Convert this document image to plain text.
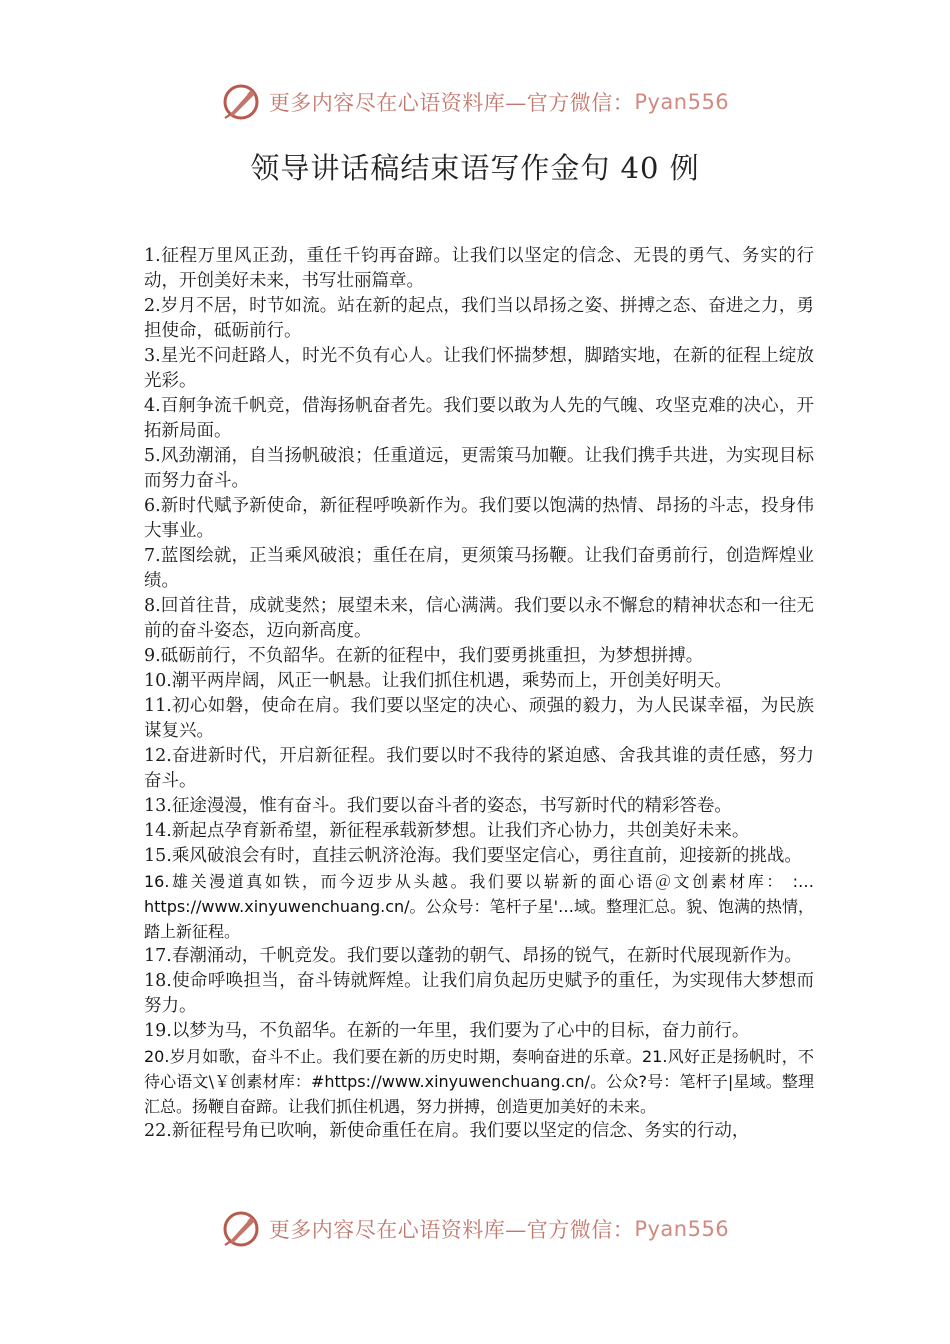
更多内容尽在心语资料库—官方微信： Pyan556
领导讲话稿结束语写作金句 40 例

1.征程万里风正劲，重任千钧再奋蹄。让我们以坚定的信念、无畏的勇气、务实的行动，开创美好未来，书写壮丽篇章。

2.岁月不居，时节如流。站在新的起点，我们当以昂扬之姿、拼搏之态、奋进之力，勇担使命，砥砺前行。

3.星光不问赶路人，时光不负有心人。让我们怀揣梦想，脚踏实地，在新的征程上绽放光彩。

4.百舸争流千帆竞，借海扬帆奋者先。我们要以敢为人先的气魄、攻坚克难的决心，开拓新局面。

5.风劲潮涌，自当扬帆破浪；任重道远，更需策马加鞭。让我们携手共进，为实现目标而努力奋斗。

6.新时代赋予新使命，新征程呼唤新作为。我们要以饱满的热情、昂扬的斗志，投身伟大事业。

7.蓝图绘就，正当乘风破浪；重任在肩，更须策马扬鞭。让我们奋勇前行，创造辉煌业绩。

8.回首往昔，成就斐然；展望未来，信心满满。我们要以永不懈怠的精神状态和一往无前的奋斗姿态，迈向新高度。

9.砥砺前行，不负韶华。在新的征程中，我们要勇挑重担，为梦想拼搏。

10.潮平两岸阔，风正一帆悬。让我们抓住机遇，乘势而上，开创美好明天。

11.初心如磐，使命在肩。我们要以坚定的决心、顽强的毅力，为人民谋幸福，为民族谋复兴。

12.奋进新时代，开启新征程。我们要以时不我待的紧迫感、舍我其谁的责任感，努力奋斗。

13.征途漫漫，惟有奋斗。我们要以奋斗者的姿态，书写新时代的精彩答卷。

14.新起点孕育新希望，新征程承载新梦想。让我们齐心协力，共创美好未来。

15.乘风破浪会有时，直挂云帆济沧海。我们要坚定信心，勇往直前，迎接新的挑战。

16.雄关漫道真如铁，而今迈步从头越。我们要以崭新的面心语＠文创素材库： :…https://www.xinyuwenchuang.cn/。公众号：笔杆子星'…域。整理汇总。貌、饱满的热情，踏上新征程。

17.春潮涌动，千帆竞发。我们要以蓬勃的朝气、昂扬的锐气，在新时代展现新作为。

18.使命呼唤担当，奋斗铸就辉煌。让我们肩负起历史赋予的重任，为实现伟大梦想而努力。

19.以梦为马，不负韶华。在新的一年里，我们要为了心中的目标，奋力前行。

20.岁月如歌，奋斗不止。我们要在新的历史时期，奏响奋进的乐章。21.风好正是扬帆时，不待心语文\￥创素材库：#https://www.xinyuwenchuang.cn/。公众?号：笔杆子|星域。整理汇总。扬鞭自奋蹄。让我们抓住机遇，努力拼搏，创造更加美好的未来。

22.新征程号角已吹响，新使命重任在肩。我们要以坚定的信念、务实的行动，

更多内容尽在心语资料库—官方微信： Pyan556
